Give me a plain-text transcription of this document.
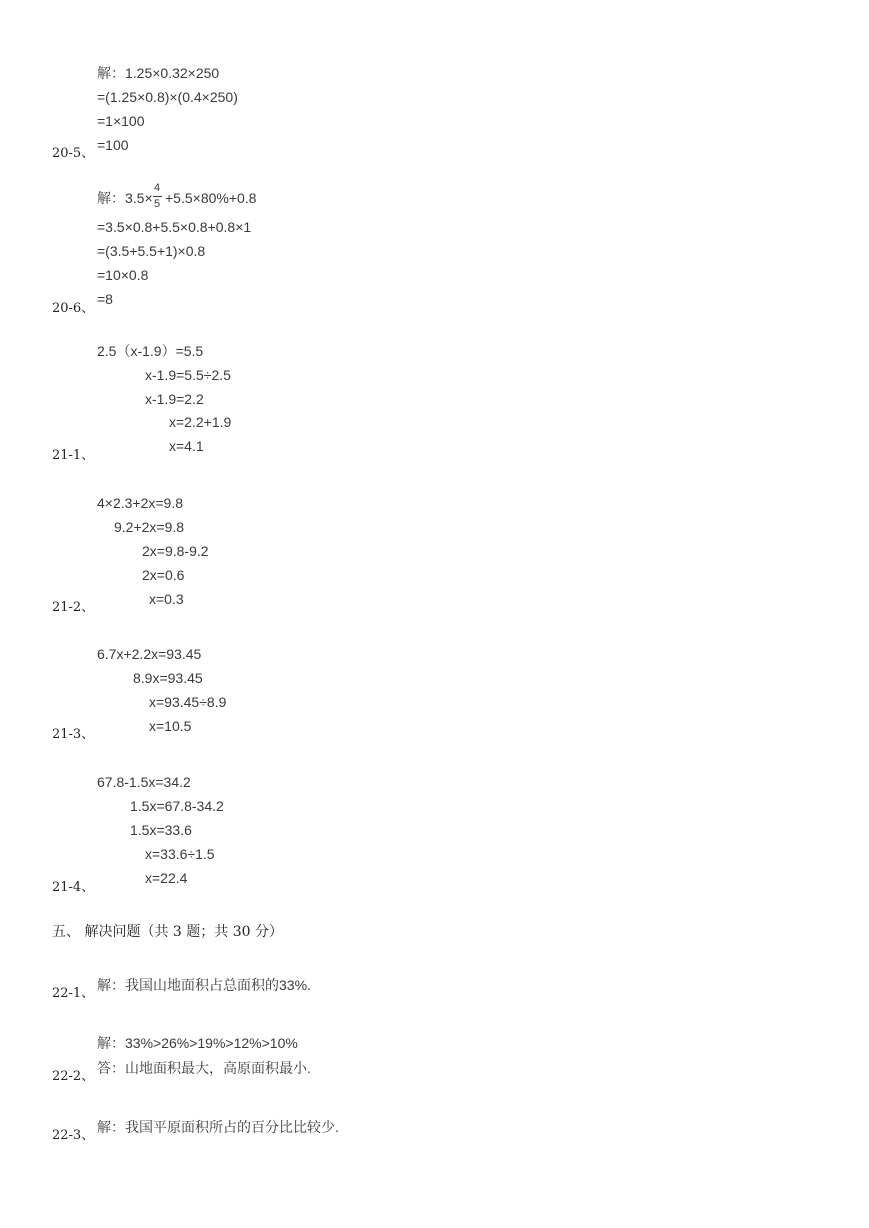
解：1.25×0.32×250
=(1.25×0.8)×(0.4×250)
=1×100
=100
20-5、
解：3.5×
4
5 +5.5×80%+0.8
=3.5×0.8+5.5×0.8+0.8×1
=(3.5+5.5+1)×0.8
=10×0.8
=8
20-6、
2.5（x-1.9）=5.5
x-1.9=5.5÷2.5
x-1.9=2.2
x=2.2+1.9
x=4.1
21-1、
4×2.3+2x=9.8
9.2+2x=9.8
2x=9.8-9.2
2x=0.6
x=0.3
21-2、
6.7x+2.2x=93.45
8.9x=93.45
x=93.45÷8.9
x=10.5
21-3、
67.8-1.5x=34.2
1.5x=67.8-34.2
1.5x=33.6
x=33.6÷1.5
x=22.4
21-4、
五、 解决问题（共 3 题；共 30 分）
解：我国山地面积占总面积的33%.
22-1、
解：33%>26%>19%>12%>10%
答：山地面积最大，高原面积最小.
22-2、
解：我国平原面积所占的百分比比较少.
22-3、
